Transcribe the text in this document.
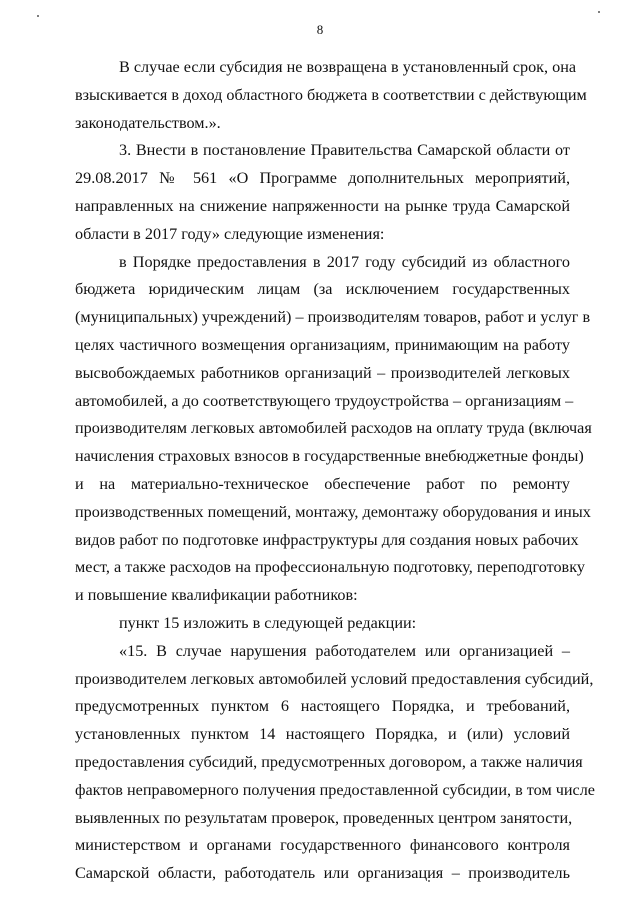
8
В случае если субсидия не возвращена в установленный срок, она
взыскивается в доход областного бюджета в соответствии с действующим
законодательством.».
3. Внести в постановление Правительства Самарской области от
29.08.2017 № 561 «О Программе дополнительных мероприятий,
направленных на снижение напряженности на рынке труда Самарской
области в 2017 году» следующие изменения:
в Порядке предоставления в 2017 году субсидий из областного
бюджета юридическим лицам (за исключением государственных
(муниципальных) учреждений) – производителям товаров, работ и услуг в
целях частичного возмещения организациям, принимающим на работу
высвобождаемых работников организаций – производителей легковых
автомобилей, а до соответствующего трудоустройства – организациям –
производителям легковых автомобилей расходов на оплату труда (включая
начисления страховых взносов в государственные внебюджетные фонды)
и на материально-техническое обеспечение работ по ремонту
производственных помещений, монтажу, демонтажу оборудования и иных
видов работ по подготовке инфраструктуры для создания новых рабочих
мест, а также расходов на профессиональную подготовку, переподготовку
и повышение квалификации работников:
пункт 15 изложить в следующей редакции:
«15. В случае нарушения работодателем или организацией –
производителем легковых автомобилей условий предоставления субсидий,
предусмотренных пунктом 6 настоящего Порядка, и требований,
установленных пунктом 14 настоящего Порядка, и (или) условий
предоставления субсидий, предусмотренных договором, а также наличия
фактов неправомерного получения предоставленной субсидии, в том числе
выявленных по результатам проверок, проведенных центром занятости,
министерством и органами государственного финансового контроля
Самарской области, работодатель или организация – производитель
